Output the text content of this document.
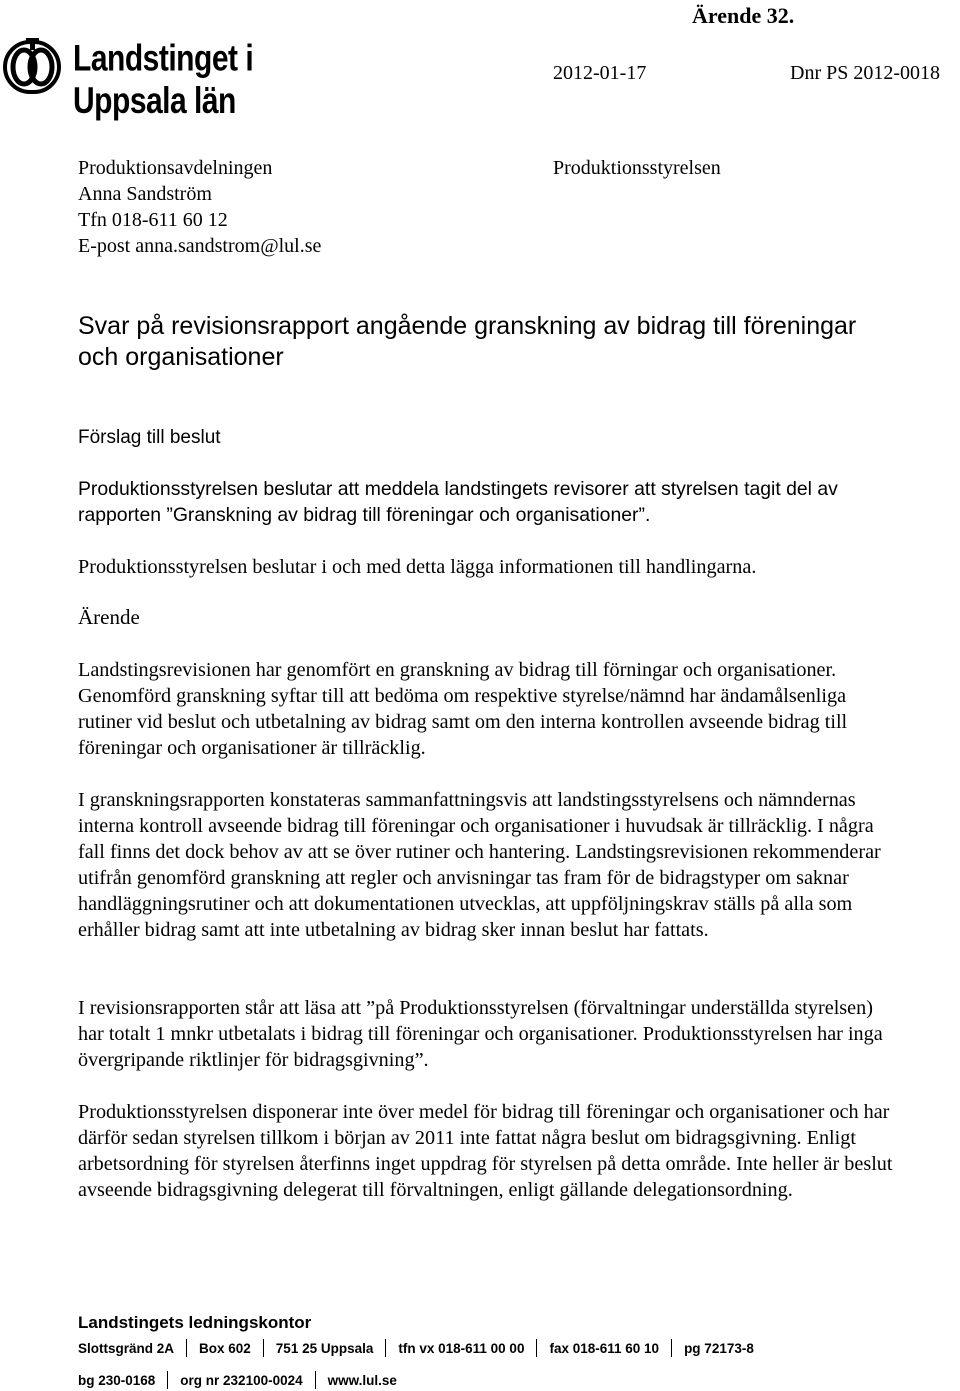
Ärende 32.
Landstinget i Uppsala län
2012-01-17	Dnr PS 2012-0018
Produktionsavdelningen
Anna Sandström
Tfn 018-611 60 12
E-post anna.sandstrom@lul.se
Produktionsstyrelsen
Svar på revisionsrapport angående granskning av bidrag till föreningar och organisationer
Förslag till beslut
Produktionsstyrelsen beslutar att meddela landstingets revisorer att styrelsen tagit del av rapporten ”Granskning av bidrag till föreningar och organisationer”.
Produktionsstyrelsen beslutar i och med detta lägga informationen till handlingarna.
Ärende
Landstingsrevisionen har genomfört en granskning av bidrag till förningar och organisationer. Genomförd granskning syftar till att bedöma om respektive styrelse/nämnd har ändamålsenliga rutiner vid beslut och utbetalning av bidrag samt om den interna kontrollen avseende bidrag till föreningar och organisationer är tillräcklig.
I granskningsrapporten konstateras sammanfattningsvis att landstingsstyrelsens och nämndernas interna kontroll avseende bidrag till föreningar och organisationer i huvudsak är tillräcklig. I några fall finns det dock behov av att se över rutiner och hantering. Landstingsrevisionen rekommenderar utifrån genomförd granskning att regler och anvisningar tas fram för de bidragstyper om saknar handläggningsrutiner och att dokumentationen utvecklas, att uppföljningskrav ställs på alla som erhåller bidrag samt att inte utbetalning av bidrag sker innan beslut har fattats.
I revisionsrapporten står att läsa att ”på Produktionsstyrelsen (förvaltningar underställda styrelsen) har totalt 1 mnkr utbetalats i bidrag till föreningar och organisationer. Produktionsstyrelsen har inga övergripande riktlinjer för bidragsgivning”.
Produktionsstyrelsen disponerar inte över medel för bidrag till föreningar och organisationer och har därför sedan styrelsen tillkom i början av 2011 inte fattat några beslut om bidragsgivning. Enligt arbetsordning för styrelsen återfinns inget uppdrag för styrelsen på detta område. Inte heller är beslut avseende bidragsgivning delegerat till förvaltningen, enligt gällande delegationsordning.
Landstingets ledningskontor
Slottsgränd 2A Box 602 751 25 Uppsala tfn vx 018-611 00 00 fax 018-611 60 10 pg 72173-8
bg 230-0168 org nr 232100-0024 www.lul.se
